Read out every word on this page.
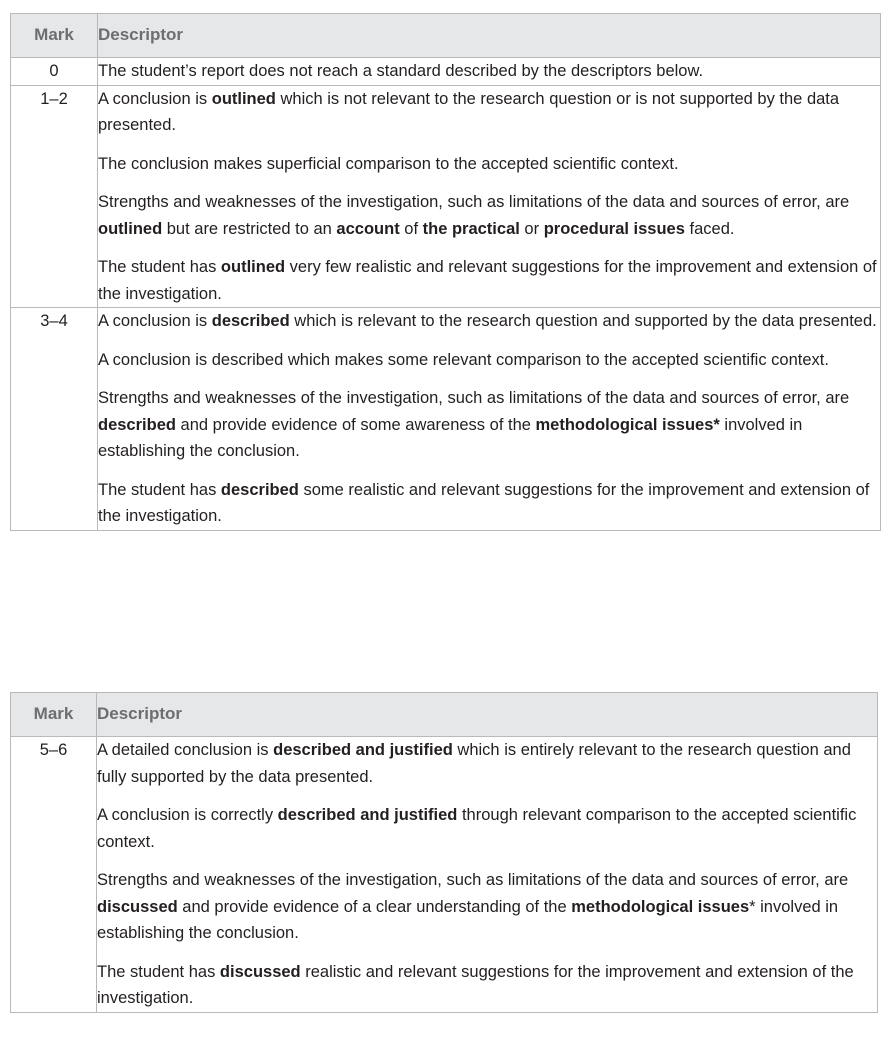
Mark	Descriptor
0	The student’s report does not reach a standard described by the descriptors below.

1–2	A conclusion is outlined which is not relevant to the research question or is not supported by the data presented.

The conclusion makes superficial comparison to the accepted scientific context.

Strengths and weaknesses of the investigation, such as limitations of the data and sources of error, are outlined but are restricted to an account of the practical or procedural issues faced.

The student has outlined very few realistic and relevant suggestions for the improvement and extension of the investigation.

3–4	A conclusion is described which is relevant to the research question and supported by the data presented.

A conclusion is described which makes some relevant comparison to the accepted scientific context.

Strengths and weaknesses of the investigation, such as limitations of the data and sources of error, are described and provide evidence of some awareness of the methodological issues* involved in establishing the conclusion.

The student has described some realistic and relevant suggestions for the improvement and extension of the investigation.

Mark	Descriptor
5–6	A detailed conclusion is described and justified which is entirely relevant to the research question and fully supported by the data presented.

A conclusion is correctly described and justified through relevant comparison to the accepted scientific context.

Strengths and weaknesses of the investigation, such as limitations of the data and sources of error, are discussed and provide evidence of a clear understanding of the methodological issues* involved in establishing the conclusion.

The student has discussed realistic and relevant suggestions for the improvement and extension of the investigation.
